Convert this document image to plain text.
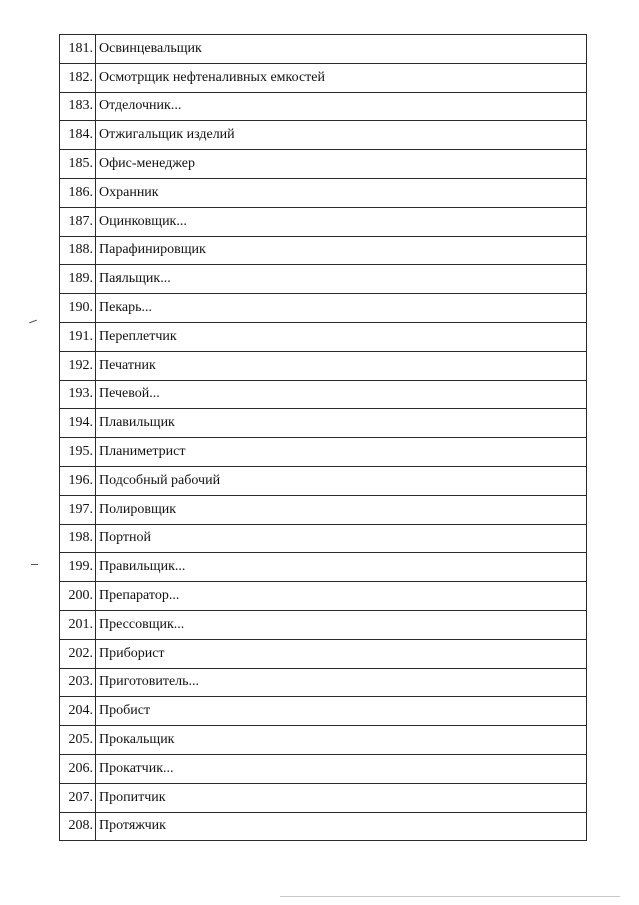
181.	Освинцевальщик
182.	Осмотрщик нефтеналивных емкостей
183.	Отделочник...
184.	Отжигальщик изделий
185.	Офис-менеджер
186.	Охранник
187.	Оцинковщик...
188.	Парафинировщик
189.	Паяльщик...
190.	Пекарь...
191.	Переплетчик
192.	Печатник
193.	Печевой...
194.	Плавильщик
195.	Планиметрист
196.	Подсобный рабочий
197.	Полировщик
198.	Портной
199.	Правильщик...
200.	Препаратор...
201.	Прессовщик...
202.	Приборист
203.	Приготовитель...
204.	Пробист
205.	Прокальщик
206.	Прокатчик...
207.	Пропитчик
208.	Протяжчик
